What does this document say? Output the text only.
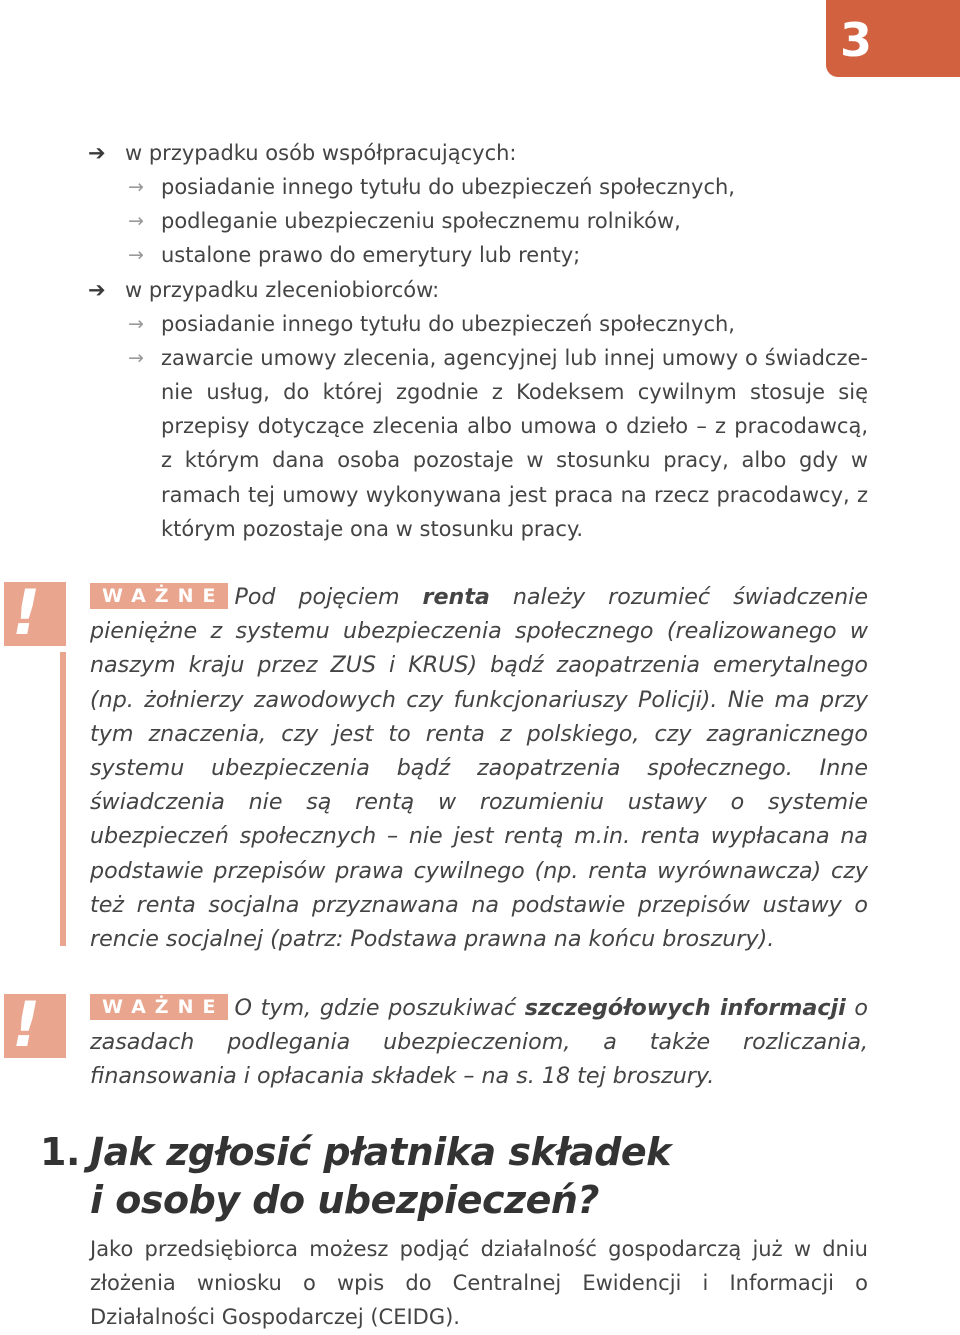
3
➔ w przypadku osób współpracujących:
→ posiadanie innego tytułu do ubezpieczeń społecznych,
→ podleganie ubezpieczeniu społecznemu rolników,
→ ustalone prawo do emerytury lub renty;
➔ w przypadku zleceniobiorców:
→ posiadanie innego tytułu do ubezpieczeń społecznych,
→ zawarcie umowy zlecenia, agencyjnej lub innej umowy o świadczenie usług, do której zgodnie z Kodeksem cywilnym stosuje się przepisy dotyczące zlecenia albo umowa o dzieło – z pracodawcą, z którym dana osoba pozostaje w stosunku pracy, albo gdy w ramach tej umowy wykonywana jest praca na rzecz pracodawcy, z którym pozostaje ona w stosunku pracy.
!	WAŻNE Pod pojęciem renta należy rozumieć świadczenie pieniężne z systemu ubezpieczenia społecznego (realizowanego w naszym kraju przez ZUS i KRUS) bądź zaopatrzenia emerytalnego (np. żołnierzy zawodowych czy funkcjonariuszy Policji). Nie ma przy tym znaczenia, czy jest to renta z polskiego, czy zagranicznego systemu ubezpieczenia bądź zaopatrzenia społecznego. Inne świadczenia nie są rentą w rozumieniu ustawy o systemie ubezpieczeń społecznych – nie jest rentą m.in. renta wypłacana na podstawie przepisów prawa cywilnego (np. renta wyrównawcza) czy też renta socjalna przyznawana na podstawie przepisów ustawy o rencie socjalnej (patrz: Podstawa prawna na końcu broszury).

!	WAŻNE O tym, gdzie poszukiwać szczegółowych informacji o zasadach podlegania ubezpieczeniom, a także rozliczania, finansowania i opłacania składek – na s. 18 tej broszury.

1. Jak zgłosić płatnika składek
i osoby do ubezpieczeń?

Jako przedsiębiorca możesz podjąć działalność gospodarczą już w dniu złożenia wniosku o wpis do Centralnej Ewidencji i Informacji o Działalności Gospodarczej (CEIDG).
